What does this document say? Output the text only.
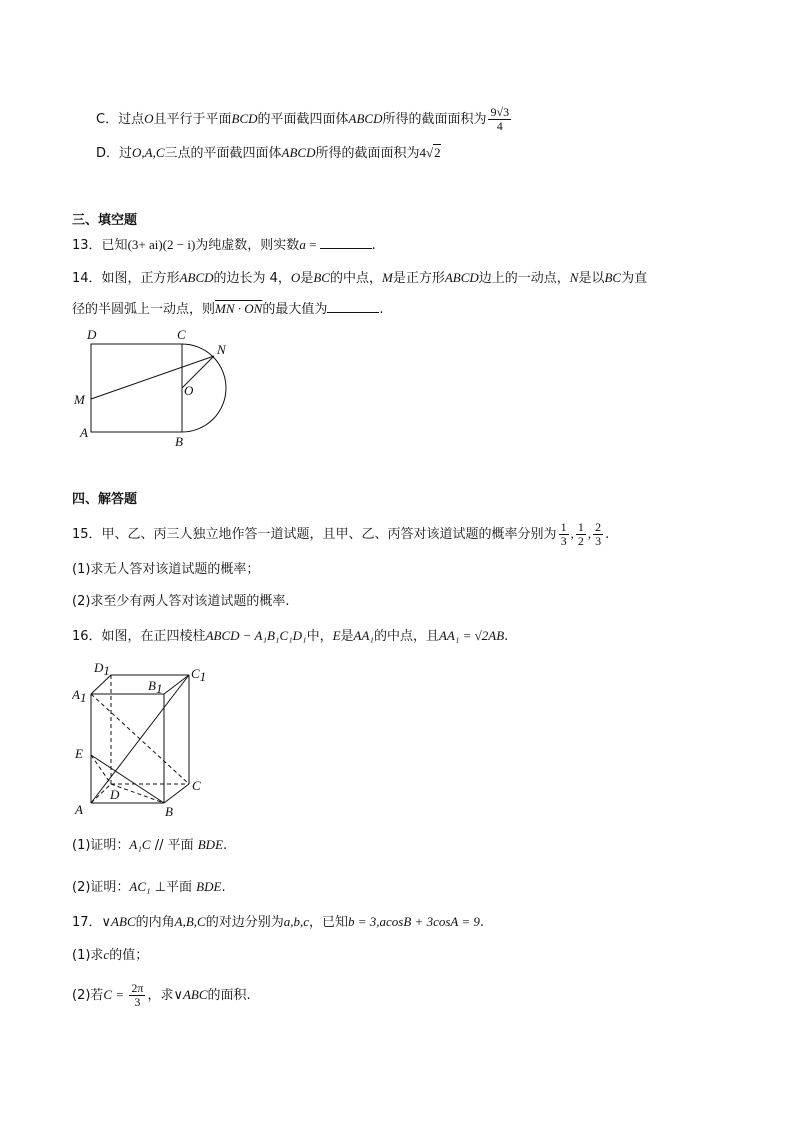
C．过点O且平行于平面BCD的平面截四面体ABCD所得的截面面积为 $\frac{9√3}{4}$
D．过O,A,C三点的平面截四面体ABCD所得的截面面积为4√2
三、填空题
13．已知(3+ ai)(2 − i)为纯虚数，则实数a =	.
14．如图，正方形ABCD的边长为 4，O是BC的中点，M是正方形ABCD边上的一动点，N是以BC为直
径的半圆弧上一动点，则MN · ON的最大值为	.
D	C
N
O
M
A
B
四、解答题
15．甲、乙、丙三人独立地作答一道试题，且甲、乙、丙答对该道试题的概率分别为 $\frac{1}{3}$ , $\frac{1}{2}$ , $\frac{2}{3}$ .
(1)求无人答对该道试题的概率；
(2)求至少有两人答对该道试题的概率.
16．如图，在正四棱柱ABCD − A₁B₁C₁D₁中，E是AA₁的中点，且AA₁ = √2AB.
D1	C1
A1
B1
E
C
D
A	B
(1)证明：A₁C // 平面 BDE.
(2)证明：AC₁ ⊥平面 BDE.
17．∨ABC的内角A,B,C的对边分别为a,b,c，已知b = 3,acosB + 3cosA = 9.
(1)求c的值；
(2)若$C = \frac{2\pi}{3}$ ，求∨ABC的面积.
